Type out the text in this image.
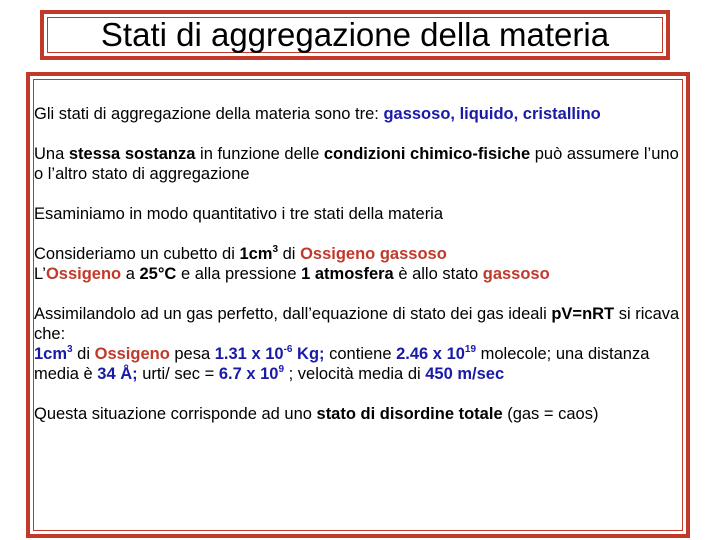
Stati di aggregazione della materia

Gli stati di aggregazione della materia sono tre: gassoso, liquido, cristallino

Una stessa sostanza in funzione delle condizioni chimico-fisiche può assumere l’uno o l’altro stato di aggregazione

Esaminiamo in modo quantitativo i tre stati della materia

Consideriamo un cubetto di $1cm^3$ di Ossigeno gassoso
L’Ossigeno a 25°C e alla pressione 1 atmosfera è allo stato gassoso

Assimilandolo ad un gas perfetto, dall’equazione di stato dei gas ideali pV=nRT si ricava che:
$1cm^3$ di Ossigeno pesa 1.31 x $10^{-6}$ Kg; contiene 2.46 x $10^{19}$ molecole; una distanza media è 34 Å; urti/ sec = 6.7 x $10^9$ ; velocità media di 450 m/sec

Questa situazione corrisponde ad uno stato di disordine totale (gas = caos)
